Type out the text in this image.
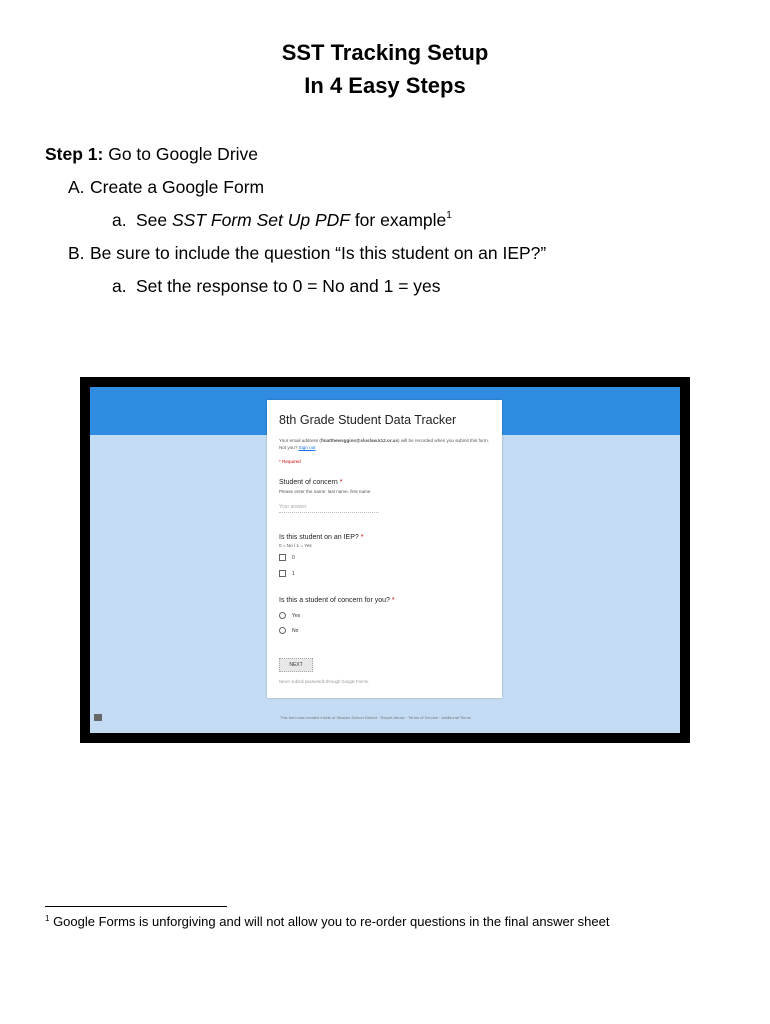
SST Tracking Setup
In 4 Easy Steps
Step 1: Go to Google Drive
A. Create a Google Form
a. See SST Form Set Up PDF for example$^1$
B. Be sure to include the question “Is this student on an IEP?”
a. Set the response to 0 = No and 1 = yes
8th Grade Student Data Tracker
Your email address (fmatthewsggins@sluslaw.k12.or.us) will be recorded when you submit this form. Not you? Sign out
* Required
Student of concern *
Please enter the name: last name, first name
Your answer
Is this student on an IEP? *
0 = No / 1 = Yes
0
1
Is this a student of concern for you? *
Yes
No
NEXT
Never submit passwords through Google Forms.
This form was created inside of Siuslaw School District · Report Abuse · Terms of Service · Additional Terms
$^1$ Google Forms is unforgiving and will not allow you to re-order questions in the final answer sheet
